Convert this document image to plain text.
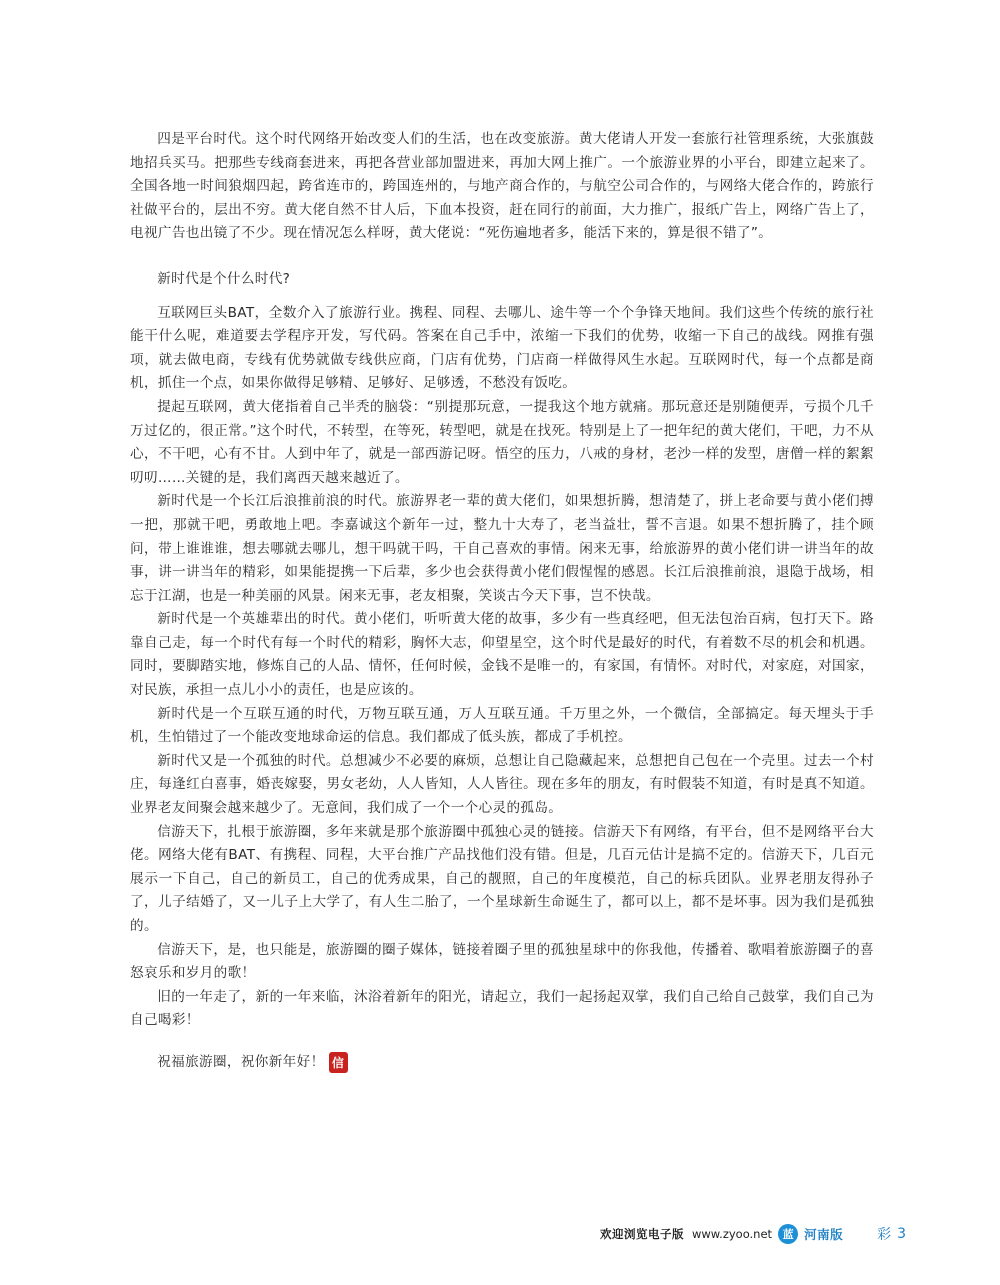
四是平台时代。这个时代网络开始改变人们的生活，也在改变旅游。黄大佬请人开发一套旅行社管理系统，大张旗鼓地招兵买马。把那些专线商套进来，再把各营业部加盟进来，再加大网上推广。一个旅游业界的小平台，即建立起来了。全国各地一时间狼烟四起，跨省连市的，跨国连州的，与地产商合作的，与航空公司合作的，与网络大佬合作的，跨旅行社做平台的，层出不穷。黄大佬自然不甘人后，下血本投资，赶在同行的前面，大力推广，报纸广告上，网络广告上了，电视广告也出镜了不少。现在情况怎么样呀，黄大佬说：“死伤遍地者多，能活下来的，算是很不错了”。

新时代是个什么时代?

互联网巨头BAT，全数介入了旅游行业。携程、同程、去哪儿、途牛等一个个争锋天地间。我们这些个传统的旅行社能干什么呢，难道要去学程序开发，写代码。答案在自己手中，浓缩一下我们的优势，收缩一下自己的战线。网推有强项，就去做电商，专线有优势就做专线供应商，门店有优势，门店商一样做得风生水起。互联网时代，每一个点都是商机，抓住一个点，如果你做得足够精、足够好、足够透，不愁没有饭吃。

提起互联网，黄大佬指着自己半秃的脑袋：“别提那玩意，一提我这个地方就痛。那玩意还是别随便弄，亏损个几千万过亿的，很正常。”这个时代，不转型，在等死，转型吧，就是在找死。特别是上了一把年纪的黄大佬们，干吧，力不从心，不干吧，心有不甘。人到中年了，就是一部西游记呀。悟空的压力，八戒的身材，老沙一样的发型，唐僧一样的絮絮叨叨……关键的是，我们离西天越来越近了。

新时代是一个长江后浪推前浪的时代。旅游界老一辈的黄大佬们，如果想折腾，想清楚了，拼上老命要与黄小佬们搏一把，那就干吧，勇敢地上吧。李嘉诚这个新年一过，整九十大寿了，老当益壮，誓不言退。如果不想折腾了，挂个顾问，带上谁谁谁，想去哪就去哪儿，想干吗就干吗，干自己喜欢的事情。闲来无事，给旅游界的黄小佬们讲一讲当年的故事，讲一讲当年的精彩，如果能提携一下后辈，多少也会获得黄小佬们假惺惺的感恩。长江后浪推前浪，退隐于战场，相忘于江湖，也是一种美丽的风景。闲来无事，老友相聚，笑谈古今天下事，岂不快哉。

新时代是一个英雄辈出的时代。黄小佬们，听听黄大佬的故事，多少有一些真经吧，但无法包治百病，包打天下。路靠自己走，每一个时代有每一个时代的精彩，胸怀大志，仰望星空，这个时代是最好的时代，有着数不尽的机会和机遇。同时，要脚踏实地，修炼自己的人品、情怀，任何时候，金钱不是唯一的，有家国，有情怀。对时代，对家庭，对国家，对民族，承担一点儿小小的责任，也是应该的。

新时代是一个互联互通的时代，万物互联互通，万人互联互通。千万里之外，一个微信，全部搞定。每天埋头于手机，生怕错过了一个能改变地球命运的信息。我们都成了低头族，都成了手机控。

新时代又是一个孤独的时代。总想减少不必要的麻烦，总想让自己隐藏起来，总想把自己包在一个壳里。过去一个村庄，每逢红白喜事，婚丧嫁娶，男女老幼，人人皆知，人人皆往。现在多年的朋友，有时假装不知道，有时是真不知道。业界老友间聚会越来越少了。无意间，我们成了一个一个心灵的孤岛。

信游天下，扎根于旅游圈，多年来就是那个旅游圈中孤独心灵的链接。信游天下有网络，有平台，但不是网络平台大佬。网络大佬有BAT、有携程、同程，大平台推广产品找他们没有错。但是，几百元估计是搞不定的。信游天下，几百元展示一下自己，自己的新员工，自己的优秀成果，自己的靓照，自己的年度模范，自己的标兵团队。业界老朋友得孙子了，儿子结婚了，又一儿子上大学了，有人生二胎了，一个星球新生命诞生了，都可以上，都不是坏事。因为我们是孤独的。

信游天下，是，也只能是，旅游圈的圈子媒体，链接着圈子里的孤独星球中的你我他，传播着、歌唱着旅游圈子的喜怒哀乐和岁月的歌！

旧的一年走了，新的一年来临，沐浴着新年的阳光，请起立，我们一起扬起双掌，我们自己给自己鼓掌，我们自己为自己喝彩！

祝福旅游圈，祝你新年好！ 信
欢迎浏览电子版 www.zyoo.net 蓝 河南版 彩 3
